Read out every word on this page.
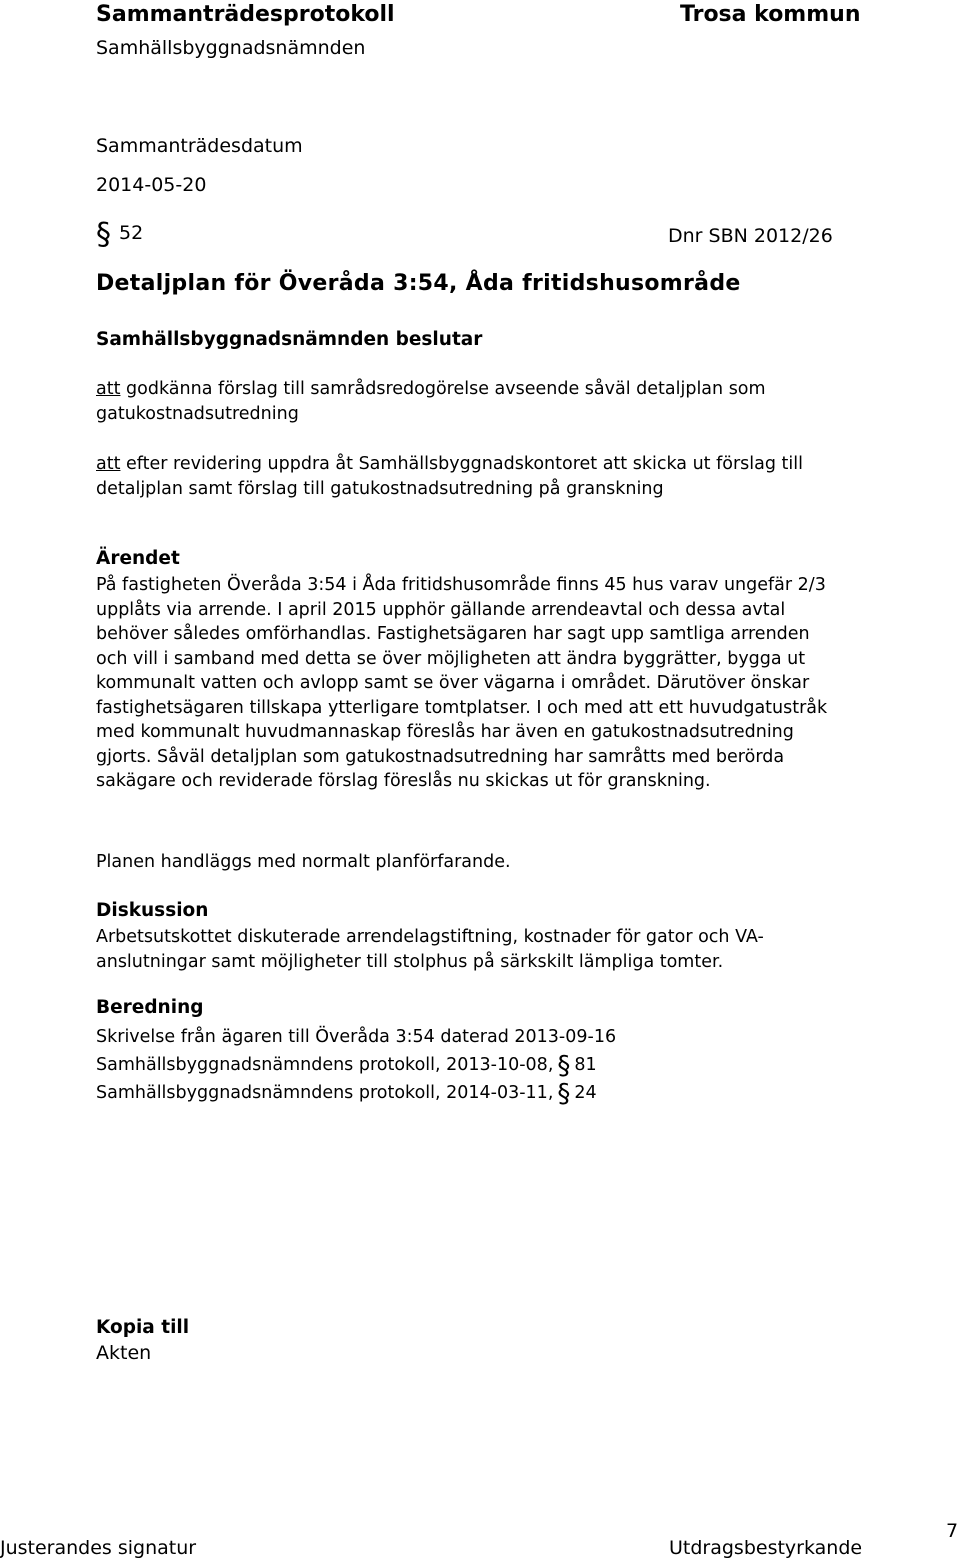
Sammanträdesprotokoll	Trosa kommun
Samhällsbyggnadsnämnden
Sammanträdesdatum
2014-05-20
§ 52	Dnr SBN 2012/26
Detaljplan för Överåda 3:54, Åda fritidshusområde
Samhällsbyggnadsnämnden beslutar
att godkänna förslag till samrådsredogörelse avseende såväl detaljplan som
gatukostnadsutredning
att efter revidering uppdra åt Samhällsbyggnadskontoret att skicka ut förslag till
detaljplan samt förslag till gatukostnadsutredning på granskning
Ärendet
På fastigheten Överåda 3:54 i Åda fritidshusområde finns 45 hus varav ungefär 2/3
upplåts via arrende. I april 2015 upphör gällande arrendeavtal och dessa avtal
behöver således omförhandlas. Fastighetsägaren har sagt upp samtliga arrenden
och vill i samband med detta se över möjligheten att ändra byggrätter, bygga ut
kommunalt vatten och avlopp samt se över vägarna i området. Därutöver önskar
fastighetsägaren tillskapa ytterligare tomtplatser. I och med att ett huvudgatustråk
med kommunalt huvudmannaskap föreslås har även en gatukostnadsutredning
gjorts. Såväl detaljplan som gatukostnadsutredning har samråtts med berörda
sakägare och reviderade förslag föreslås nu skickas ut för granskning.
Planen handläggs med normalt planförfarande.
Diskussion
Arbetsutskottet diskuterade arrendelagstiftning, kostnader för gator och VA-
anslutningar samt möjligheter till stolphus på särkskilt lämpliga tomter.
Beredning
Skrivelse från ägaren till Överåda 3:54 daterad 2013-09-16
Samhällsbyggnadsnämndens protokoll, 2013-10-08, § 81
Samhällsbyggnadsnämndens protokoll, 2014-03-11, § 24
Kopia till
Akten
Justerandes signatur	Utdragsbestyrkande
7
